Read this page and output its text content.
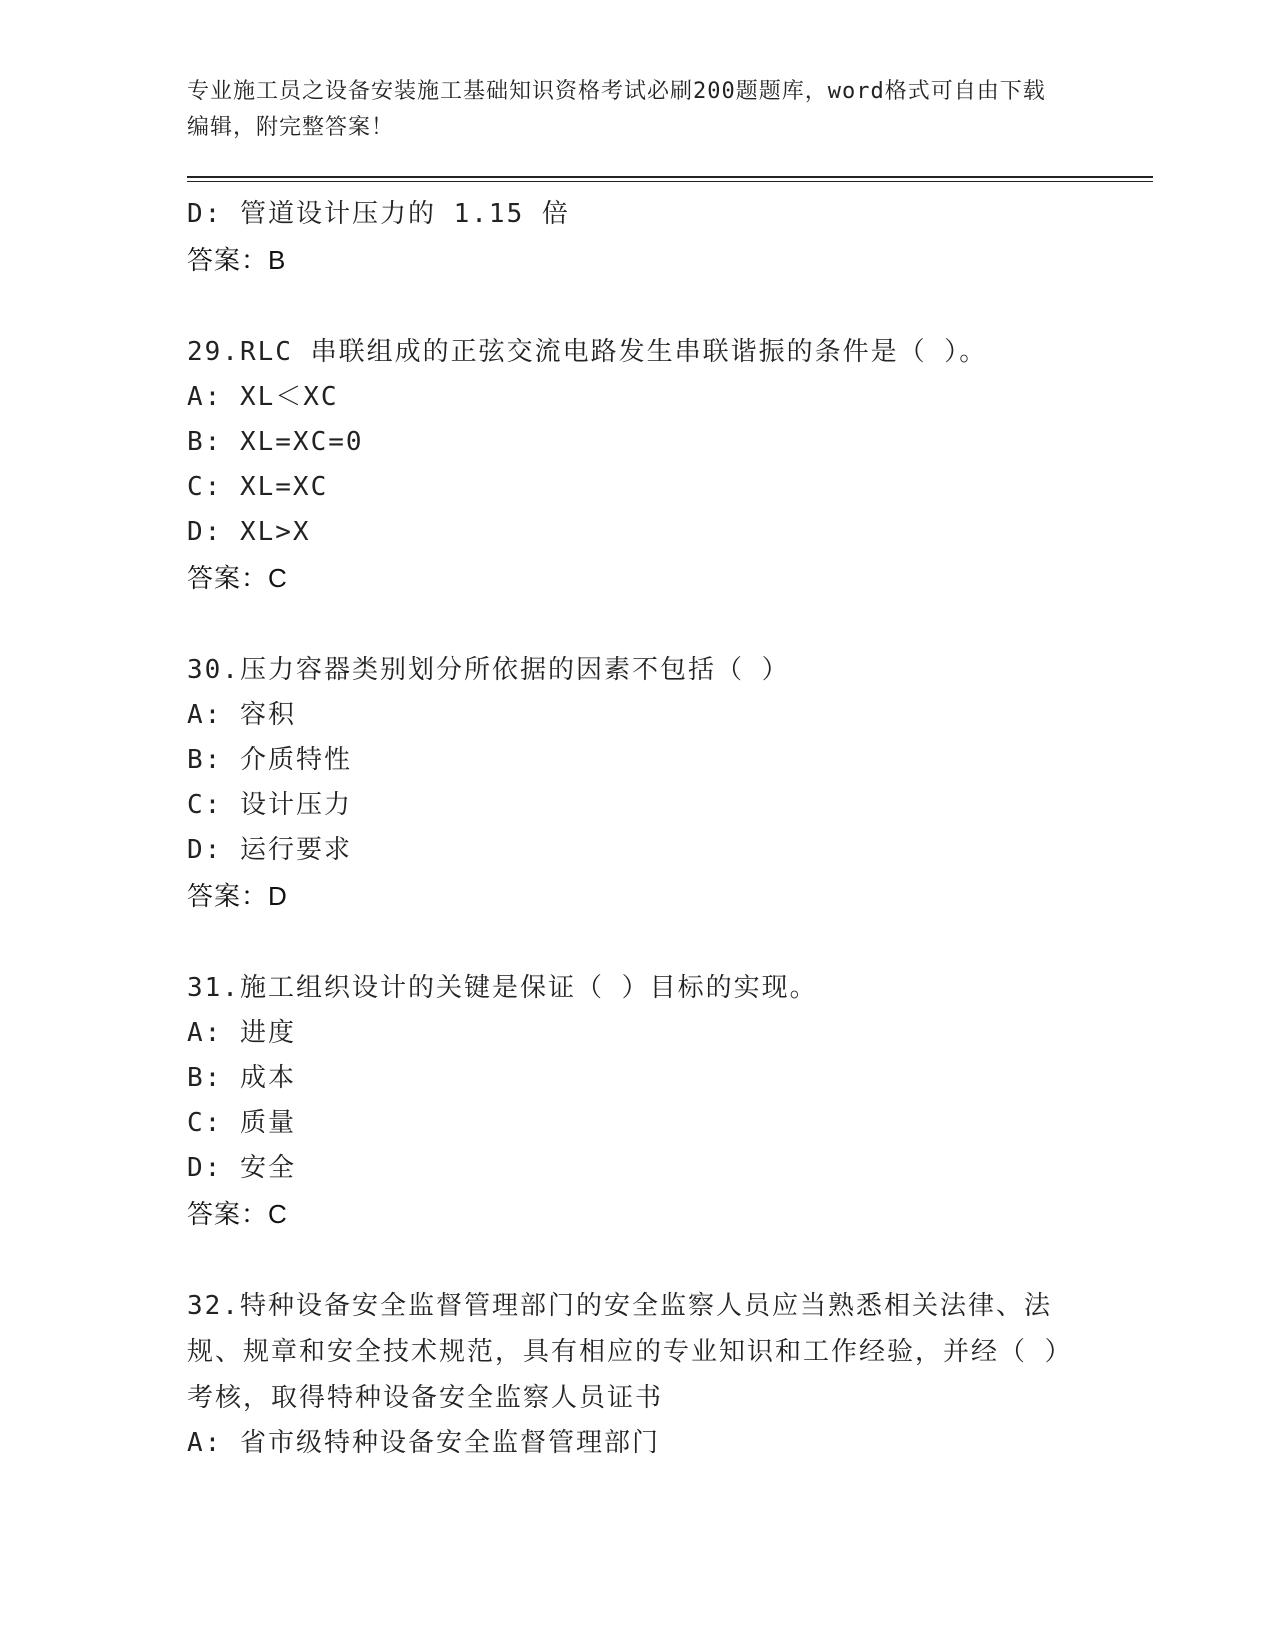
专业施工员之设备安装施工基础知识资格考试必刷200题题库，word格式可自由下载编辑，附完整答案！
D: 管道设计压力的 1.15 倍
答案：B
29.RLC 串联组成的正弦交流电路发生串联谐振的条件是（ ）。
A: XL＜XC
B: XL=XC=0
C: XL=XC
D: XL>X
答案：C
30.压力容器类别划分所依据的因素不包括（ ）
A: 容积
B: 介质特性
C: 设计压力
D: 运行要求
答案：D
31.施工组织设计的关键是保证（ ）目标的实现。
A: 进度
B: 成本
C: 质量
D: 安全
答案：C
32.特种设备安全监督管理部门的安全监察人员应当熟悉相关法律、法规、规章和安全技术规范，具有相应的专业知识和工作经验，并经（ ）考核，取得特种设备安全监察人员证书
A: 省市级特种设备安全监督管理部门
